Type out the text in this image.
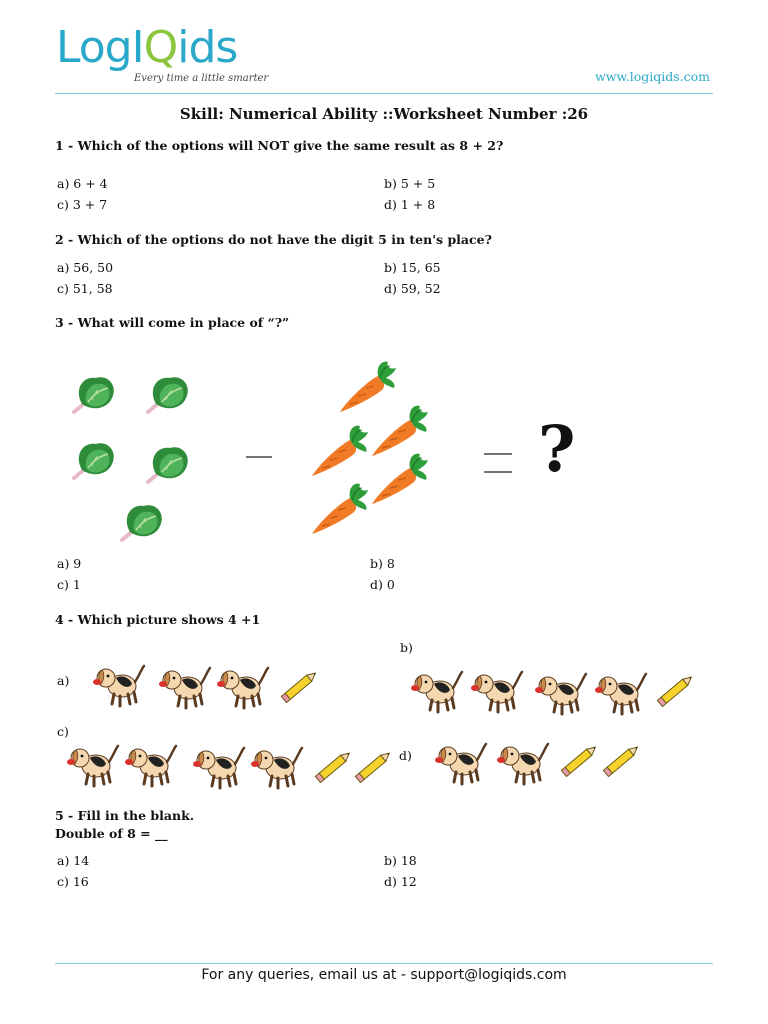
LogIQids
Every time a little smarter	www.logiqids.com
Skill: Numerical Ability ::Worksheet Number :26
1 - Which of the options will NOT give the same result as 8 + 2?
a) 6 + 4	b) 5 + 5
c) 3 + 7	d) 1 + 8
2 - Which of the options do not have the digit 5 in ten's place?
a) 56, 50	b) 15, 65
c) 51, 58	d) 59, 52
3 - What will come in place of “?”
?
a) 9	b) 8
c) 1	d) 0
4 - Which picture shows 4 +1
a)
b)
c)
d)
5 - Fill in the blank.
Double of 8 = __
a) 14	b) 18
c) 16	d) 12
For any queries, email us at - support@logiqids.com
